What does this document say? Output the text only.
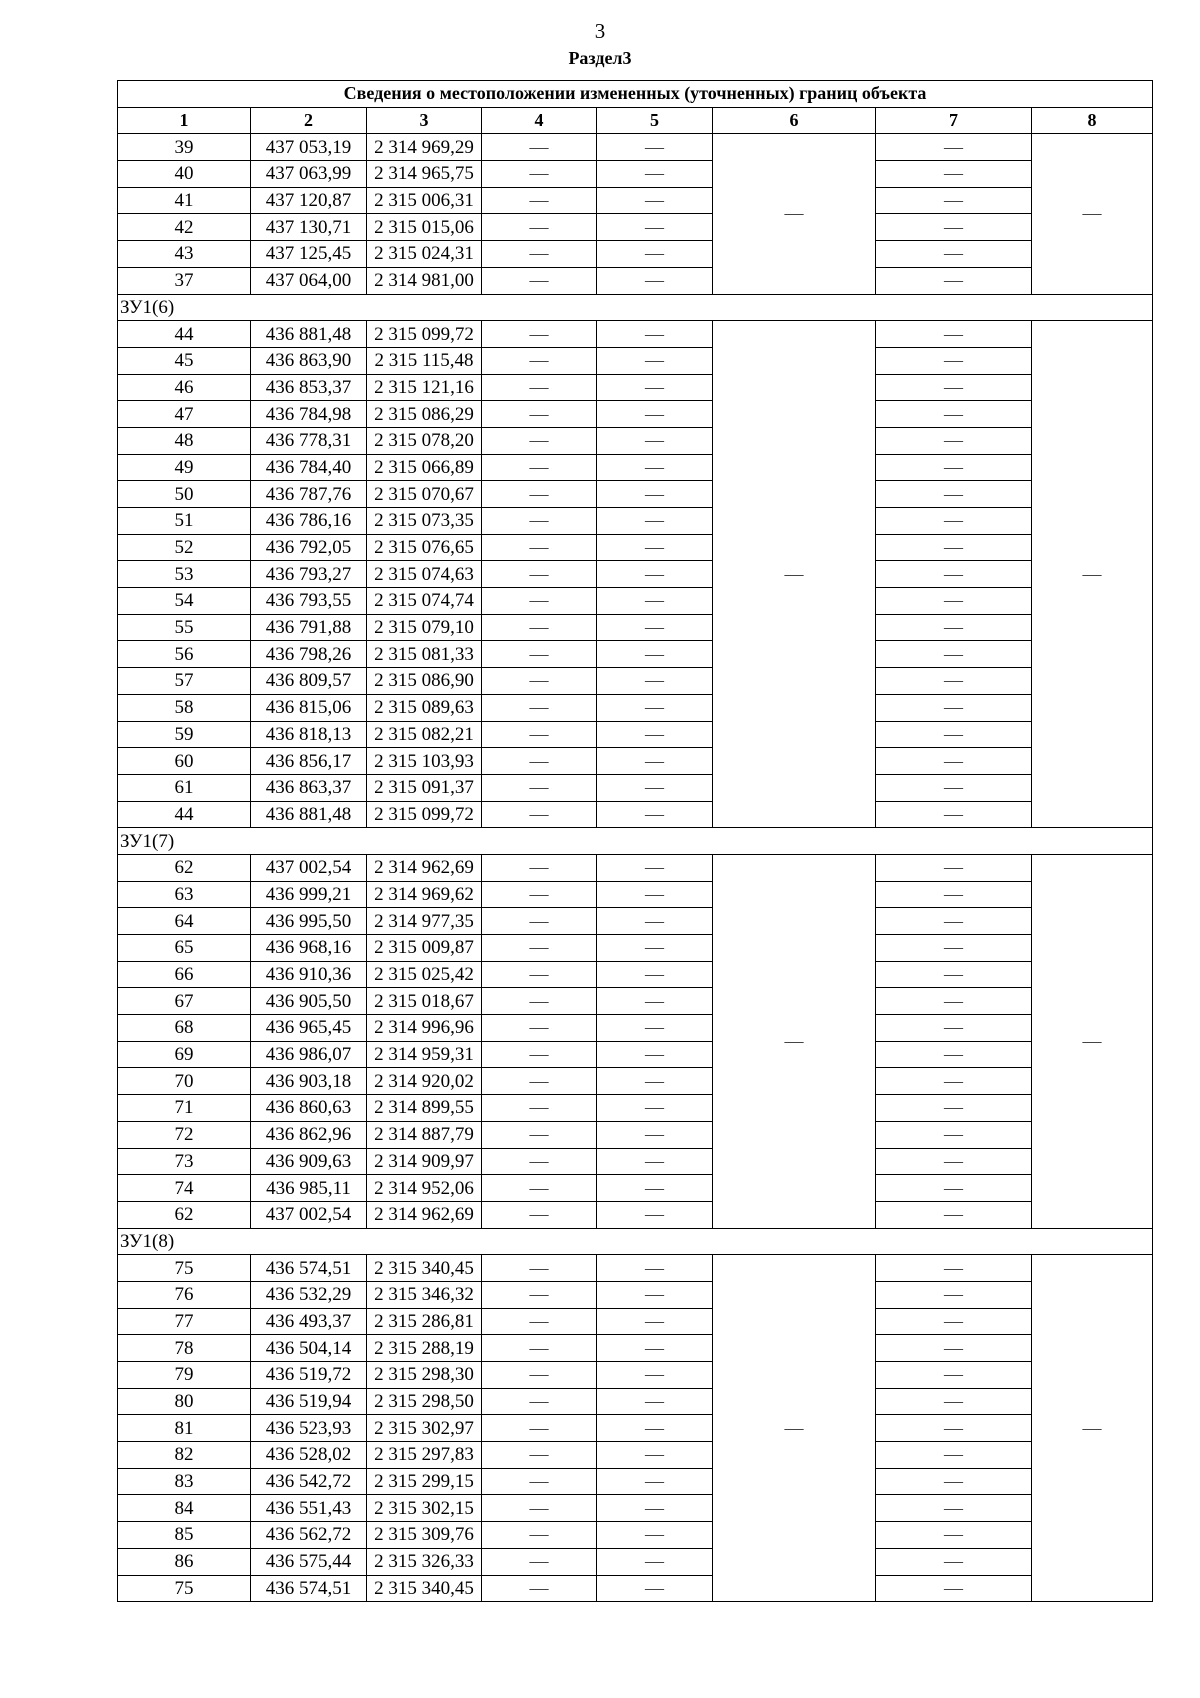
3
Раздел3
Сведения о местоположении измененных (уточненных) границ объекта							
1	2	3	4	5	6	7	8
39	437 053,19	2 314 969,29	—	—	—	—	—
40	437 063,99	2 314 965,75	—	—		—	
41	437 120,87	2 315 006,31	—	—		—	
42	437 130,71	2 315 015,06	—	—		—	
43	437 125,45	2 315 024,31	—	—		—	
37	437 064,00	2 314 981,00	—	—		—	
ЗУ1(6)							
44	436 881,48	2 315 099,72	—	—	—	—	—
45	436 863,90	2 315 115,48	—	—		—	
46	436 853,37	2 315 121,16	—	—		—	
47	436 784,98	2 315 086,29	—	—		—	
48	436 778,31	2 315 078,20	—	—		—	
49	436 784,40	2 315 066,89	—	—		—	
50	436 787,76	2 315 070,67	—	—		—	
51	436 786,16	2 315 073,35	—	—		—	
52	436 792,05	2 315 076,65	—	—		—	
53	436 793,27	2 315 074,63	—	—		—	
54	436 793,55	2 315 074,74	—	—		—	
55	436 791,88	2 315 079,10	—	—		—	
56	436 798,26	2 315 081,33	—	—		—	
57	436 809,57	2 315 086,90	—	—		—	
58	436 815,06	2 315 089,63	—	—		—	
59	436 818,13	2 315 082,21	—	—		—	
60	436 856,17	2 315 103,93	—	—		—	
61	436 863,37	2 315 091,37	—	—		—	
44	436 881,48	2 315 099,72	—	—		—	
ЗУ1(7)							
62	437 002,54	2 314 962,69	—	—	—	—	—
63	436 999,21	2 314 969,62	—	—		—	
64	436 995,50	2 314 977,35	—	—		—	
65	436 968,16	2 315 009,87	—	—		—	
66	436 910,36	2 315 025,42	—	—		—	
67	436 905,50	2 315 018,67	—	—		—	
68	436 965,45	2 314 996,96	—	—		—	
69	436 986,07	2 314 959,31	—	—		—	
70	436 903,18	2 314 920,02	—	—		—	
71	436 860,63	2 314 899,55	—	—		—	
72	436 862,96	2 314 887,79	—	—		—	
73	436 909,63	2 314 909,97	—	—		—	
74	436 985,11	2 314 952,06	—	—		—	
62	437 002,54	2 314 962,69	—	—		—	
ЗУ1(8)							
75	436 574,51	2 315 340,45	—	—	—	—	—
76	436 532,29	2 315 346,32	—	—		—	
77	436 493,37	2 315 286,81	—	—		—	
78	436 504,14	2 315 288,19	—	—		—	
79	436 519,72	2 315 298,30	—	—		—	
80	436 519,94	2 315 298,50	—	—		—	
81	436 523,93	2 315 302,97	—	—		—	
82	436 528,02	2 315 297,83	—	—		—	
83	436 542,72	2 315 299,15	—	—		—	
84	436 551,43	2 315 302,15	—	—		—	
85	436 562,72	2 315 309,76	—	—		—	
86	436 575,44	2 315 326,33	—	—		—	
75	436 574,51	2 315 340,45	—	—		—	
